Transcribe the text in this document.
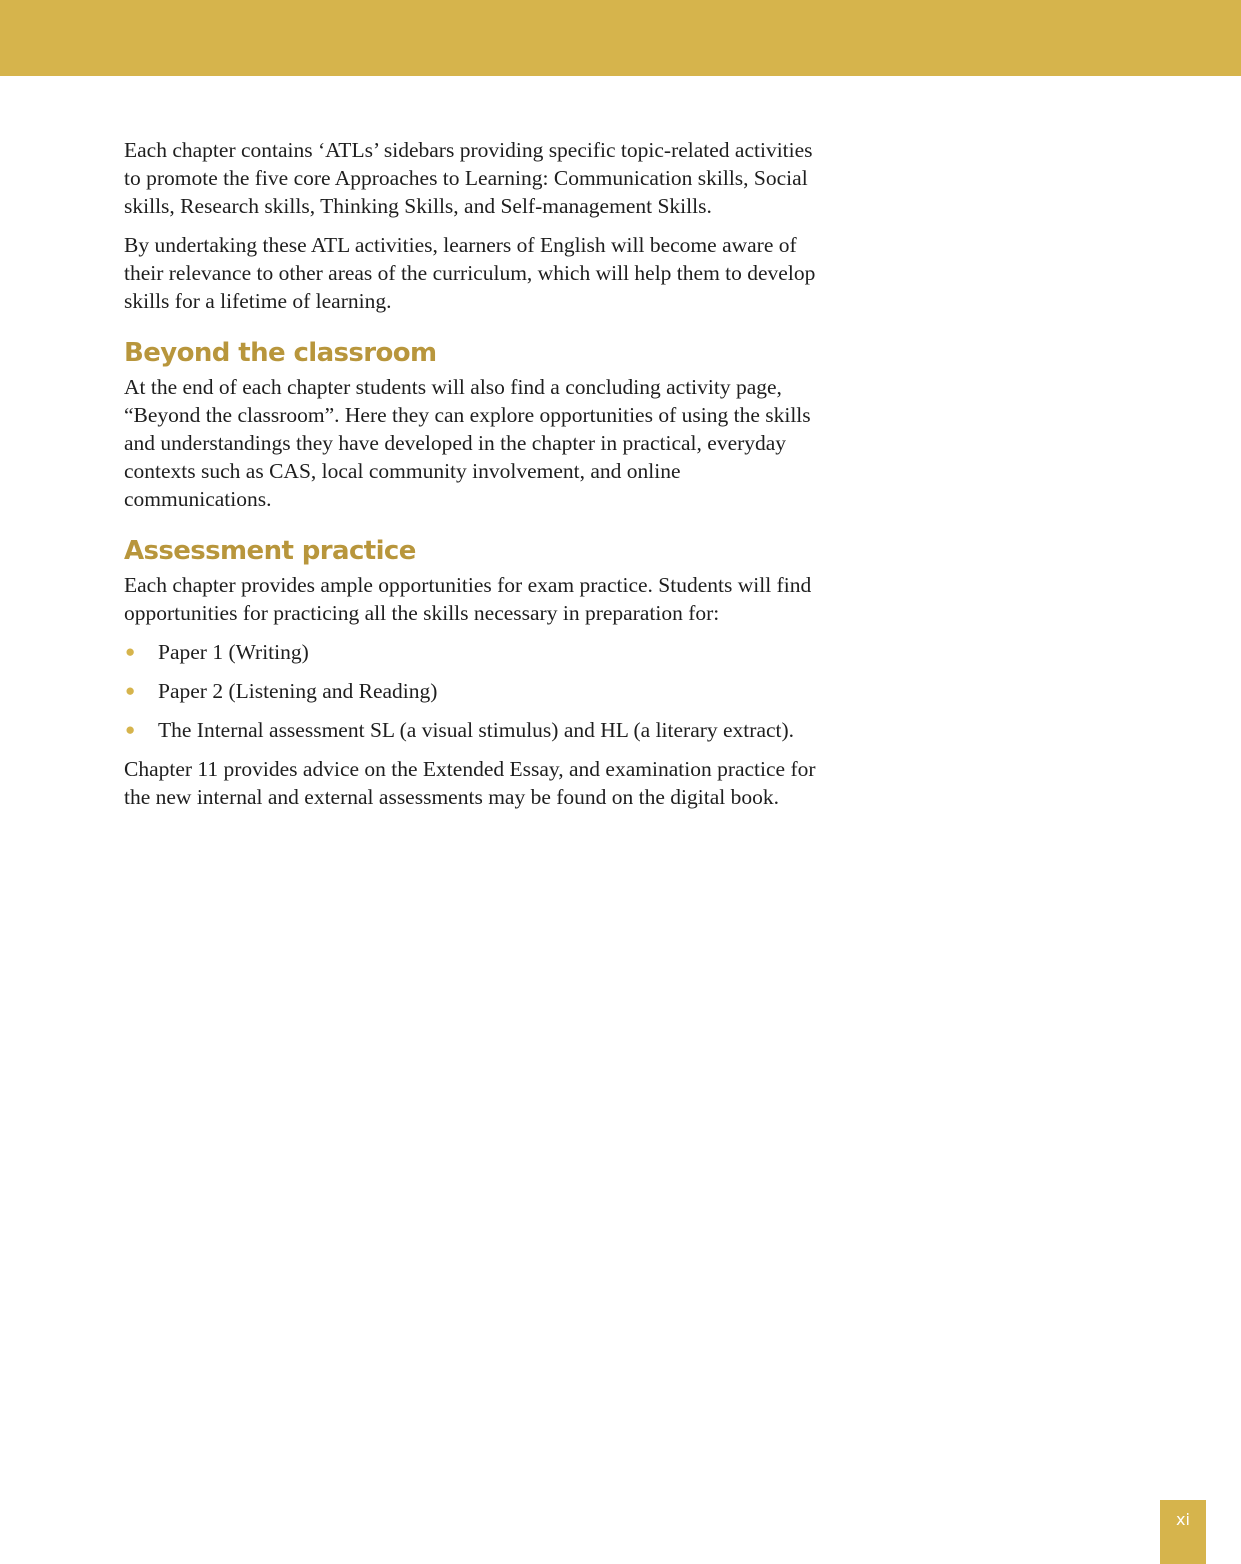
Each chapter contains ‘ATLs’ sidebars providing specific topic-related activities to promote the five core Approaches to Learning: Communication skills, Social skills, Research skills, Thinking Skills, and Self-management Skills.

By undertaking these ATL activities, learners of English will become aware of their relevance to other areas of the curriculum, which will help them to develop skills for a lifetime of learning.

Beyond the classroom

At the end of each chapter students will also find a concluding activity page, “Beyond the classroom”. Here they can explore opportunities of using the skills and understandings they have developed in the chapter in practical, everyday contexts such as CAS, local community involvement, and online communications.

Assessment practice

Each chapter provides ample opportunities for exam practice. Students will find opportunities for practicing all the skills necessary in preparation for:

● Paper 1 (Writing)
● Paper 2 (Listening and Reading)
● The Internal assessment SL (a visual stimulus) and HL (a literary extract).

Chapter 11 provides advice on the Extended Essay, and examination practice for the new internal and external assessments may be found on the digital book.

xi
